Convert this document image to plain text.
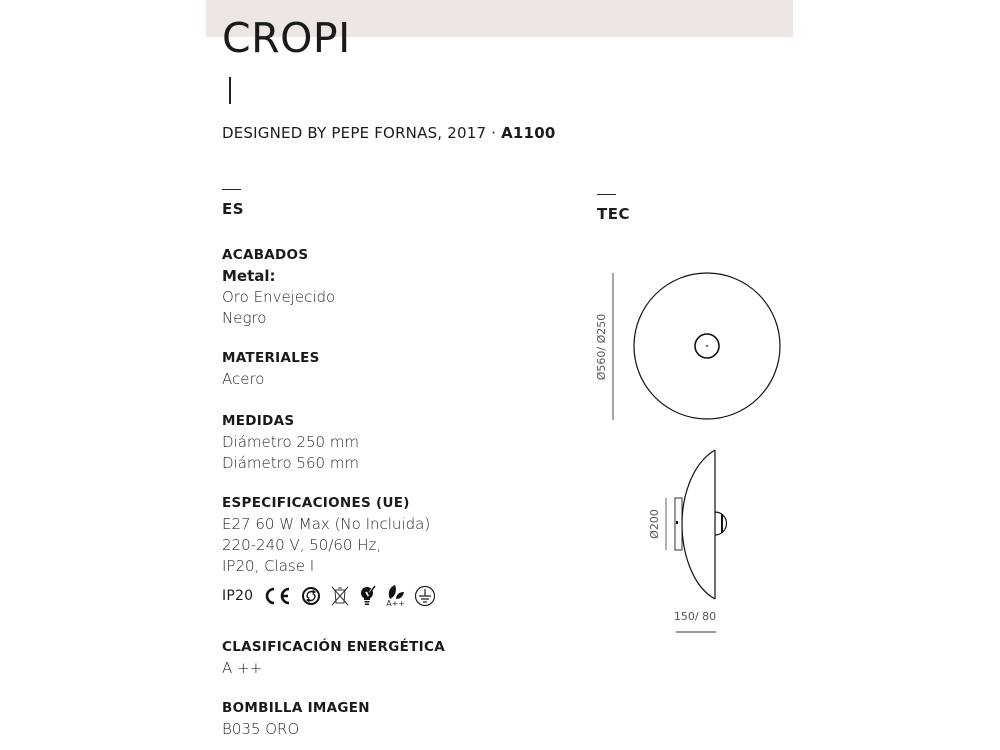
CROPI
DESIGNED BY PEPE FORNAS, 2017 · A1100
ES
ACABADOS
Metal:
Oro Envejecido
Negro
MATERIALES
Acero
MEDIDAS
Diámetro 250 mm
Diámetro 560 mm
ESPECIFICACIONES (UE)
E27 60 W Max (No Incluida)
220-240 V, 50/60 Hz,
IP20, Clase I
IP20	A++
CLASIFICACIÓN ENERGÉTICA
A ++
BOMBILLA IMAGEN
B035 ORO
TEC
Ø560/ Ø250
Ø200
150/ 80
